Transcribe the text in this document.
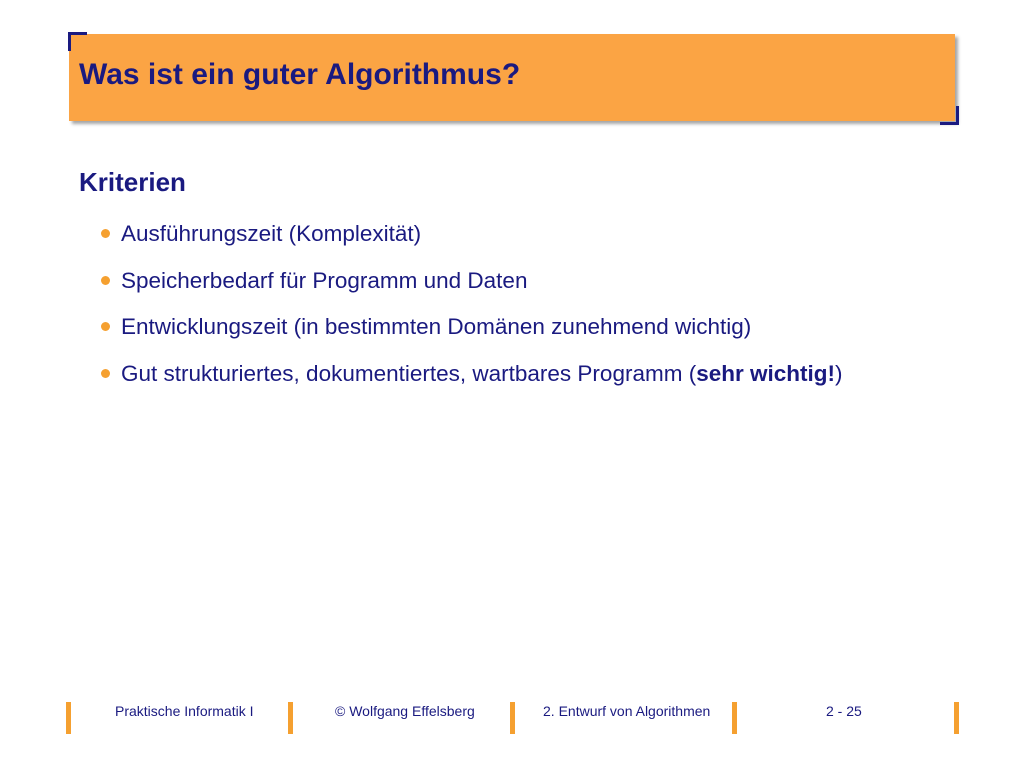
Was ist ein guter Algorithmus?
Kriterien
Ausführungszeit (Komplexität)
Speicherbedarf für Programm und Daten
Entwicklungszeit (in bestimmten Domänen zunehmend wichtig)
Gut strukturiertes, dokumentiertes, wartbares Programm (sehr wichtig!)
Praktische Informatik I	© Wolfgang Effelsberg	2. Entwurf von Algorithmen	2 - 25
